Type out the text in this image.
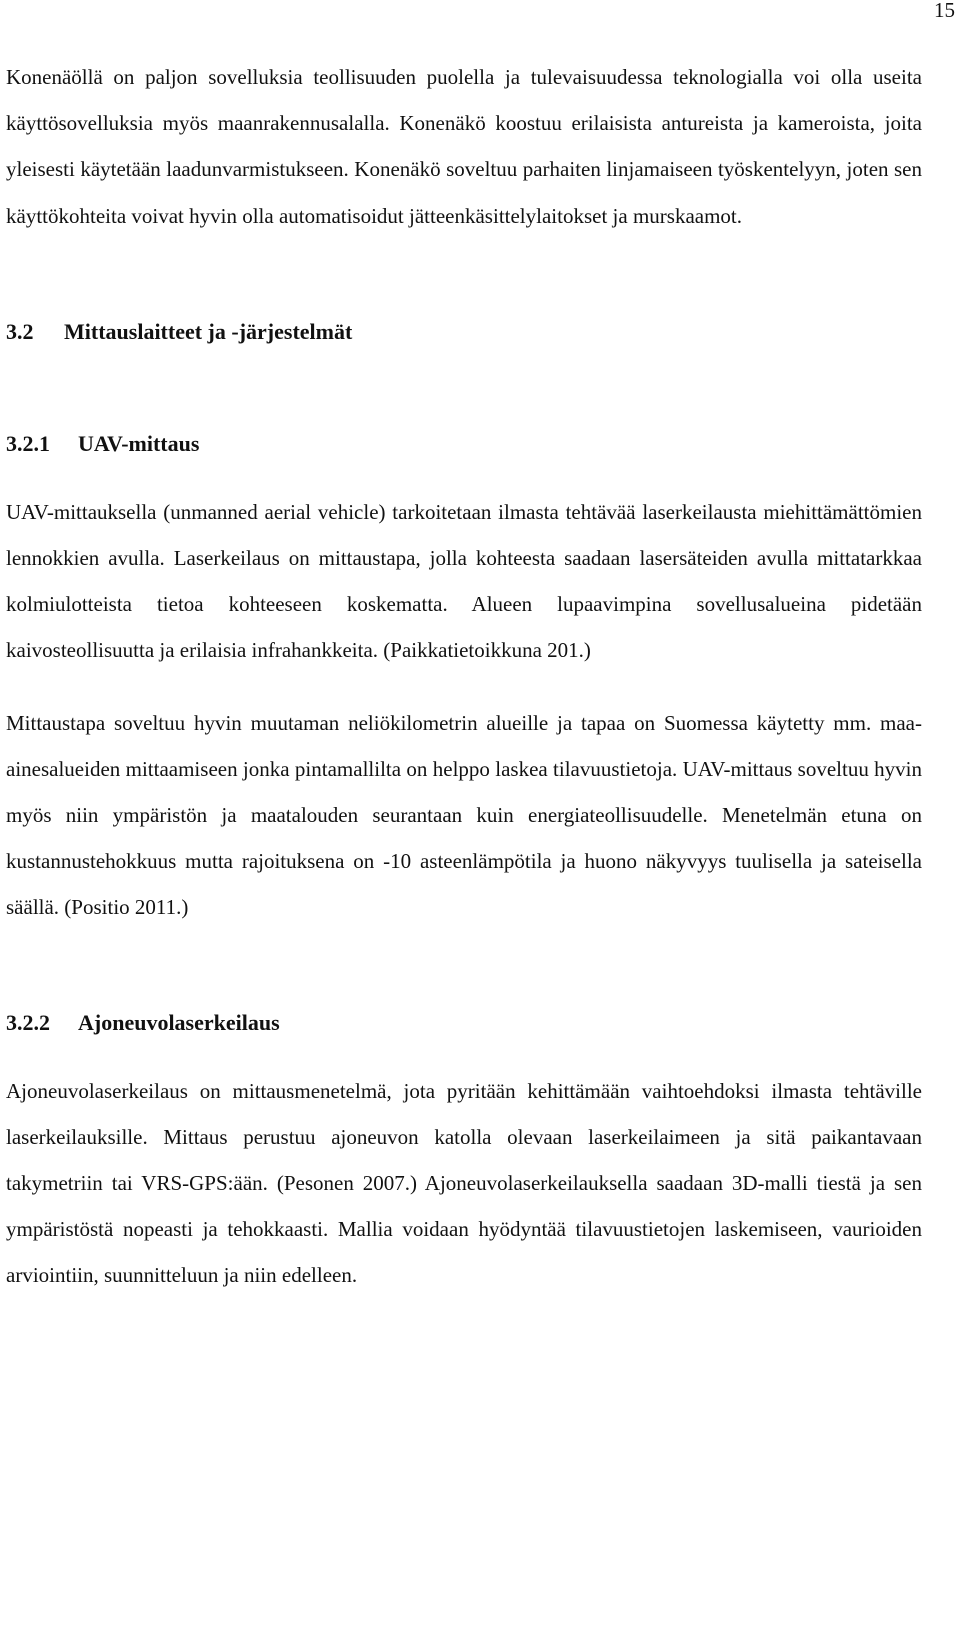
15

Konenäöllä on paljon sovelluksia teollisuuden puolella ja tulevaisuudessa teknologialla voi olla useita käyttösovelluksia myös maanrakennusalalla. Konenäkö koostuu erilaisista antureista ja kameroista, joita yleisesti käytetään laadunvarmistukseen. Konenäkö soveltuu parhaiten linjamaiseen työskentelyyn, joten sen käyttökohteita voivat hyvin olla automatisoidut jätteenkäsittelylaitokset ja murskaamot.

3.2 Mittauslaitteet ja -järjestelmät
3.2.1 UAV-mittaus

UAV-mittauksella (unmanned aerial vehicle) tarkoitetaan ilmasta tehtävää laserkeilausta miehittämättömien lennokkien avulla. Laserkeilaus on mittaustapa, jolla kohteesta saadaan lasersäteiden avulla mittatarkkaa kolmiulotteista tietoa kohteeseen koskematta. Alueen lupaavimpina sovellusalueina pidetään kaivosteollisuutta ja erilaisia infrahankkeita. (Paikkatietoikkuna 201.)

Mittaustapa soveltuu hyvin muutaman neliökilometrin alueille ja tapaa on Suomessa käytetty mm. maa-ainesalueiden mittaamiseen jonka pintamallilta on helppo laskea tilavuustietoja. UAV-mittaus soveltuu hyvin myös niin ympäristön ja maatalouden seurantaan kuin energiateollisuudelle. Menetelmän etuna on kustannustehokkuus mutta rajoituksena on -10 asteenlämpötila ja huono näkyvyys tuulisella ja sateisella säällä. (Positio 2011.)

3.2.2 Ajoneuvolaserkeilaus

Ajoneuvolaserkeilaus on mittausmenetelmä, jota pyritään kehittämään vaihtoehdoksi ilmasta tehtäville laserkeilauksille. Mittaus perustuu ajoneuvon katolla olevaan laserkeilaimeen ja sitä paikantavaan takymetriin tai VRS-GPS:ään. (Pesonen 2007.) Ajoneuvolaserkeilauksella saadaan 3D-malli tiestä ja sen ympäristöstä nopeasti ja tehokkaasti. Mallia voidaan hyödyntää tilavuustietojen laskemiseen, vaurioiden arviointiin, suunnitteluun ja niin edelleen.
